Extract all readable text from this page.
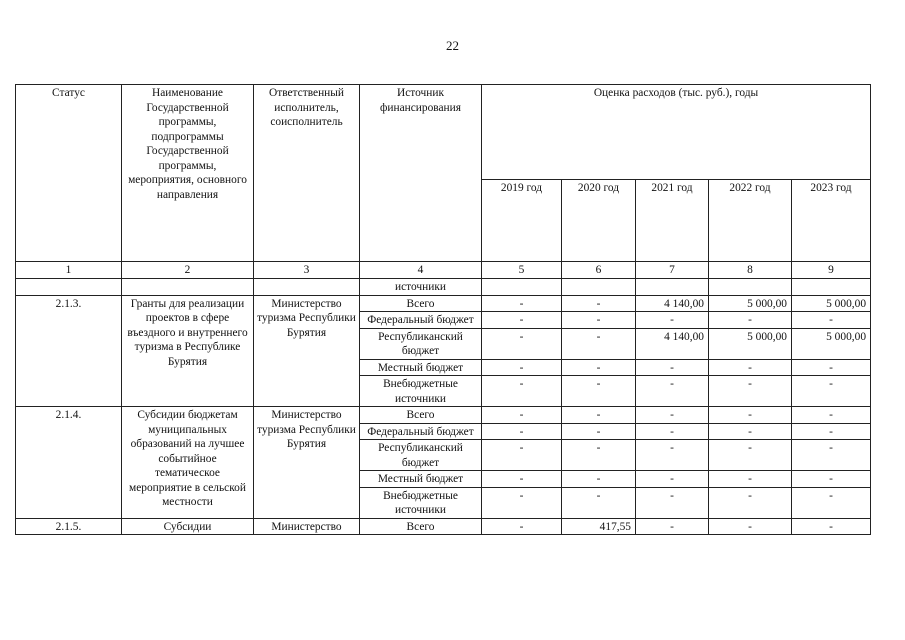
22
Статус	Наименование Государственной программы, подпрограммы Государственной программы, мероприятия, основного направления	Ответственный исполнитель, соисполнитель	Источник финансирования	Оценка расходов (тыс. руб.), годы				
				2019 год	2020 год	2021 год	2022 год	2023 год
1	2	3	4	5	6	7	8	9
			источники					
2.1.3.	Гранты для реализации проектов в сфере въездного и внутреннего туризма в Республике Бурятия	Министерство туризма Республики Бурятия	Всего	-	-	4 140,00	5 000,00	5 000,00
			Федеральный бюджет	-	-	-	-	-
			Республиканский бюджет	-	-	4 140,00	5 000,00	5 000,00
			Местный бюджет	-	-	-	-	-
			Внебюджетные источники	-	-	-	-	-
2.1.4.	Субсидии бюджетам муниципальных образований на лучшее событийное тематическое мероприятие в сельской местности	Министерство туризма Республики Бурятия	Всего	-	-	-	-	-
			Федеральный бюджет	-	-	-	-	-
			Республиканский бюджет	-	-	-	-	-
			Местный бюджет	-	-	-	-	-
			Внебюджетные источники	-	-	-	-	-
2.1.5.	Субсидии	Министерство	Всего	-	417,55	-	-	-
